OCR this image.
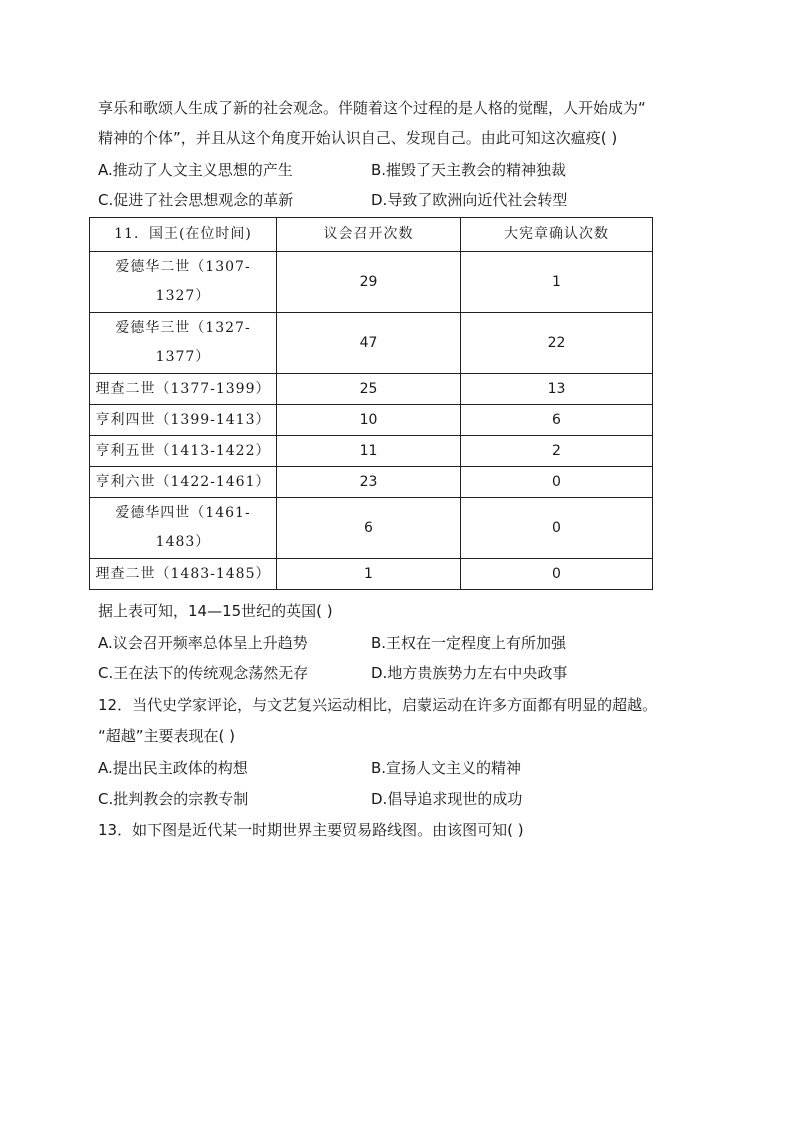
享乐和歌颂人生成了新的社会观念。伴随着这个过程的是人格的觉醒，人开始成为“
精神的个体”，并且从这个角度开始认识自己、发现自己。由此可知这次瘟疫( )
A.推动了人文主义思想的产生	B.摧毁了天主教会的精神独裁
C.促进了社会思想观念的革新	D.导致了欧洲向近代社会转型
11．国王(在位时间)	议会召开次数	大宪章确认次数
爱德华二世（1307-
1327）	29	1
爱德华三世（1327-
1377）	47	22
理查二世（1377-1399）	25	13
亨利四世（1399-1413）	10	6
亨利五世（1413-1422）	11	2
亨利六世（1422-1461）	23	0
爱德华四世（1461-
1483）	6	0
理查二世（1483-1485）	1	0
据上表可知，14—15世纪的英国( )
A.议会召开频率总体呈上升趋势	B.王权在一定程度上有所加强
C.王在法下的传统观念荡然无存	D.地方贵族势力左右中央政事
12．当代史学家评论，与文艺复兴运动相比，启蒙运动在许多方面都有明显的超越。
“超越”主要表现在( )
A.提出民主政体的构想	B.宣扬人文主义的精神
C.批判教会的宗教专制	D.倡导追求现世的成功
13．如下图是近代某一时期世界主要贸易路线图。由该图可知( )
